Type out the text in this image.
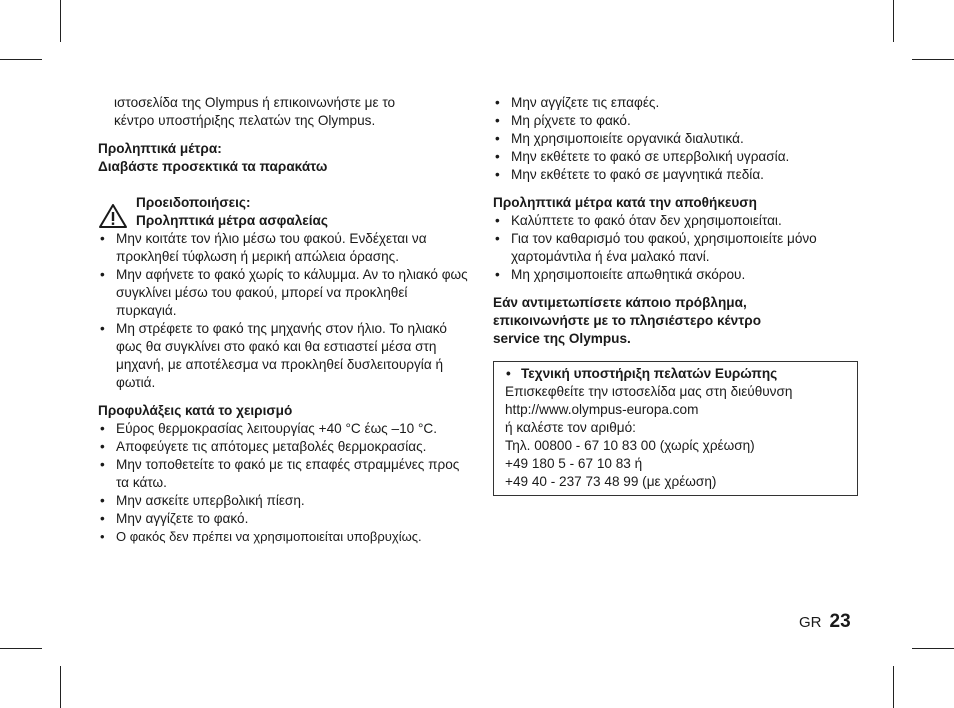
ιστοσελίδα της Olympus ή επικοινωνήστε με το

κέντρο υποστήριξης πελατών της Olympus.

Προληπτικά μέτρα:

Διαβάστε προσεκτικά τα παρακάτω

Προειδοποιήσεις:

Προληπτικά μέτρα ασφαλείας

• Μην κοιτάτε τον ήλιο μέσω του φακού. Ενδέχεται να προκληθεί τύφλωση ή μερική απώλεια όρασης.
• Μην αφήνετε το φακό χωρίς το κάλυμμα. Αν το ηλιακό φως συγκλίνει μέσω του φακού, μπορεί να προκληθεί πυρκαγιά.
• Μη στρέφετε το φακό της μηχανής στον ήλιο. Το ηλιακό φως θα συγκλίνει στο φακό και θα εστιαστεί μέσα στη μηχανή, με αποτέλεσμα να προκληθεί δυσλειτουργία ή φωτιά.

Προφυλάξεις κατά το χειρισμό

• Εύρος θερμοκρασίας λειτουργίας +40 °C έως –10 °C.
• Αποφεύγετε τις απότομες μεταβολές θερμοκρασίας.
• Μην τοποθετείτε το φακό με τις επαφές στραμμένες προς τα κάτω.
• Μην ασκείτε υπερβολική πίεση.
• Μην αγγίζετε το φακό.
• Ο φακός δεν πρέπει να χρησιμοποιείται υποβρυχίως.
• Μην αγγίζετε τις επαφές.
• Μη ρίχνετε το φακό.
• Μη χρησιμοποιείτε οργανικά διαλυτικά.
• Μην εκθέτετε το φακό σε υπερβολική υγρασία.
• Μην εκθέτετε το φακό σε μαγνητικά πεδία.

Προληπτικά μέτρα κατά την αποθήκευση

• Καλύπτετε το φακό όταν δεν χρησιμοποιείται.
• Για τον καθαρισμό του φακού, χρησιμοποιείτε μόνο χαρτομάντιλα ή ένα μαλακό πανί.
• Μη χρησιμοποιείτε απωθητικά σκόρου.

Εάν αντιμετωπίσετε κάποιο πρόβλημα,

επικοινωνήστε με το πλησιέστερο κέντρο

service της Olympus.

• Τεχνική υποστήριξη πελατών Ευρώπης
Επισκεφθείτε την ιστοσελίδα μας στη διεύθυνση
http://www.olympus-europa.com
ή καλέστε τον αριθμό:
Τηλ. 00800 - 67 10 83 00 (χωρίς χρέωση)
+49 180 5 - 67 10 83 ή
+49 40 - 237 73 48 99 (με χρέωση)
GR 23
